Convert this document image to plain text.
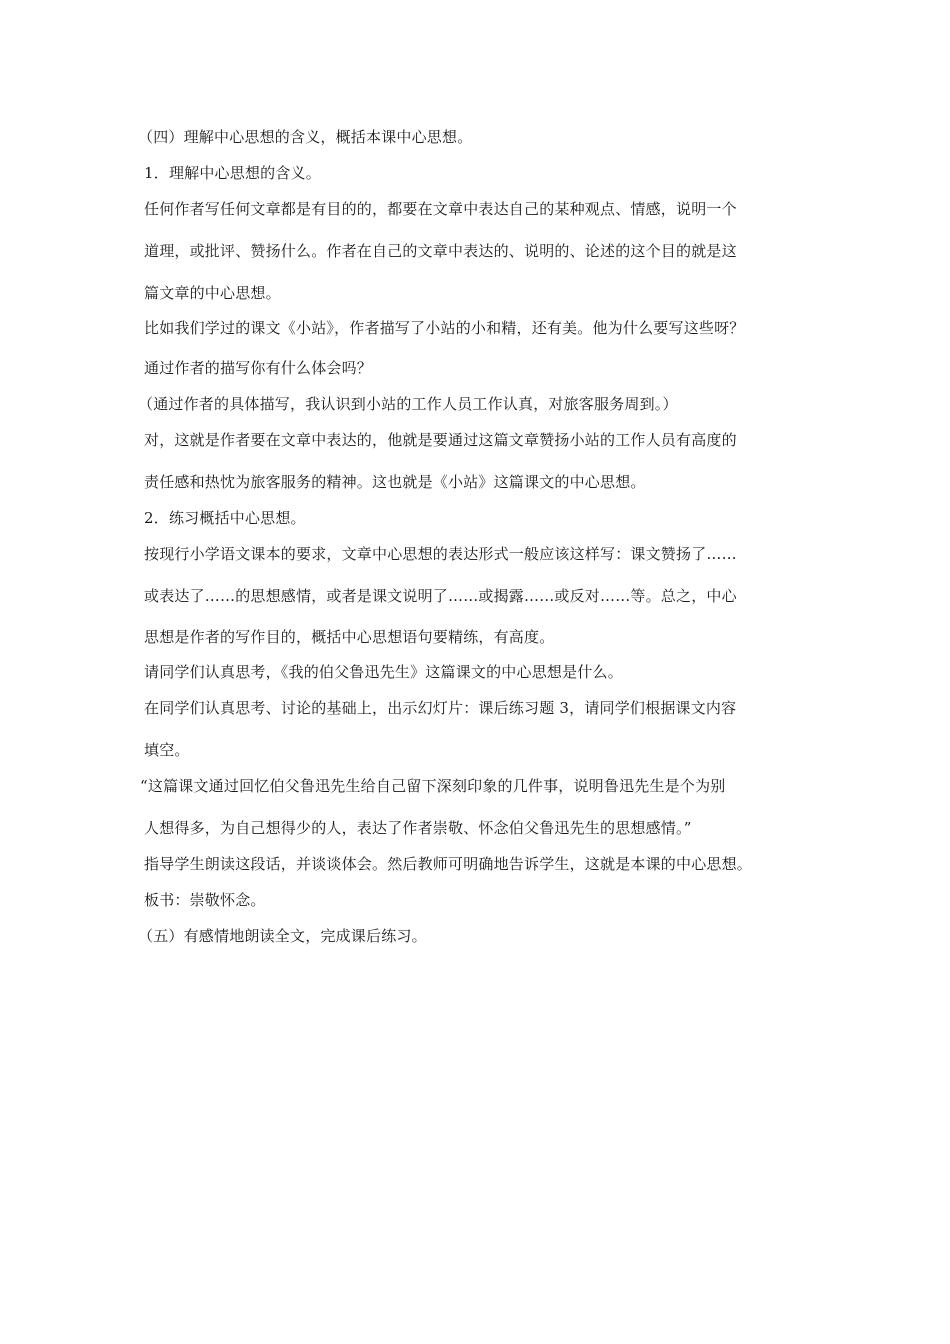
（四）理解中心思想的含义，概括本课中心思想。
1．理解中心思想的含义。
任何作者写任何文章都是有目的的，都要在文章中表达自己的某种观点、情感，说明一个
道理，或批评、赞扬什么。作者在自己的文章中表达的、说明的、论述的这个目的就是这
篇文章的中心思想。
比如我们学过的课文《小站》，作者描写了小站的小和精，还有美。他为什么要写这些呀？
通过作者的描写你有什么体会吗？
（通过作者的具体描写，我认识到小站的工作人员工作认真，对旅客服务周到。）
对，这就是作者要在文章中表达的，他就是要通过这篇文章赞扬小站的工作人员有高度的
责任感和热忱为旅客服务的精神。这也就是《小站》这篇课文的中心思想。
2．练习概括中心思想。
按现行小学语文课本的要求，文章中心思想的表达形式一般应该这样写：课文赞扬了……
或表达了……的思想感情，或者是课文说明了……或揭露……或反对……等。总之，中心
思想是作者的写作目的，概括中心思想语句要精练，有高度。
请同学们认真思考，《我的伯父鲁迅先生》这篇课文的中心思想是什么。
在同学们认真思考、讨论的基础上，出示幻灯片：课后练习题 3，请同学们根据课文内容
填空。
“这篇课文通过回忆伯父鲁迅先生给自己留下深刻印象的几件事，说明鲁迅先生是个为别
人想得多，为自己想得少的人，表达了作者崇敬、怀念伯父鲁迅先生的思想感情。”
指导学生朗读这段话，并谈谈体会。然后教师可明确地告诉学生，这就是本课的中心思想。
板书：崇敬怀念。
（五）有感情地朗读全文，完成课后练习。
